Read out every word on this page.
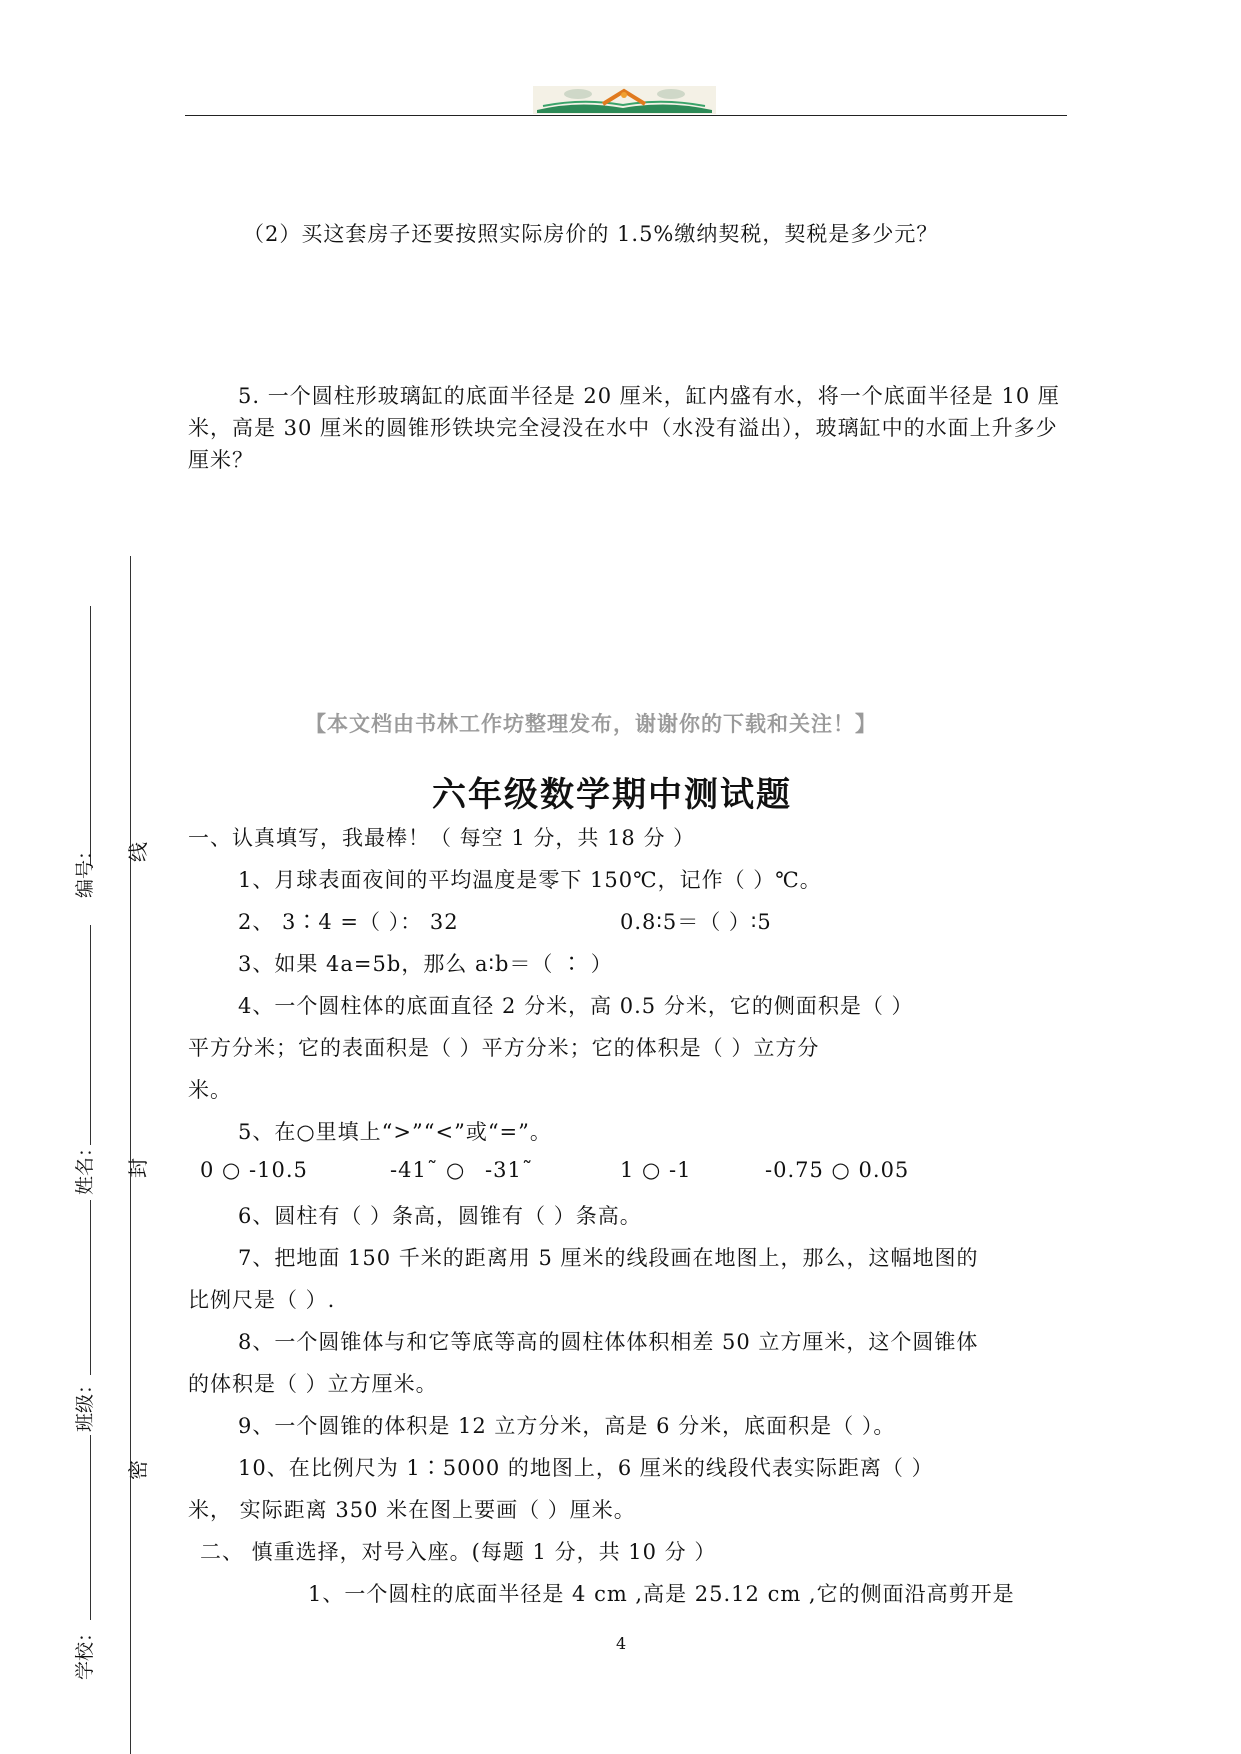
（2）买这套房子还要按照实际房价的 1.5%缴纳契税，契税是多少元？
5. 一个圆柱形玻璃缸的底面半径是 20 厘米，缸内盛有水，将一个底面半径是 10 厘米，高是 30 厘米的圆锥形铁块完全浸没在水中（水没有溢出），玻璃缸中的水面上升多少厘米？
编号：
姓名：
班级：
学校：
线
封
密
【本文档由书林工作坊整理发布，谢谢你的下载和关注！】
六年级数学期中测试题
一、认真填写，我最棒！（ 每空 1 分，共 18 分 ）
1、月球表面夜间的平均温度是零下 150℃，记作（ ）℃。
2、 3∶4 =（ ）： 32	0.8∶5＝（ ）∶5
3、如果 4a=5b，那么 a∶b＝（ ∶ ）
4、一个圆柱体的底面直径 2 分米，高 0.5 分米，它的侧面积是（ ）
平方分米；它的表面积是（ ）平方分米；它的体积是（ ）立方分
米。
5、在○里填上“>”“<”或“=”。
0 ○ -10.5	-41˜ ○ -31˜	1 ○ -1	-0.75 ○ 0.05
6、圆柱有（ ）条高，圆锥有（ ）条高。
7、把地面 150 千米的距离用 5 厘米的线段画在地图上，那么，这幅地图的
比例尺是（ ）.
8、一个圆锥体与和它等底等高的圆柱体体积相差 50 立方厘米，这个圆锥体
的体积是（ ）立方厘米。
9、一个圆锥的体积是 12 立方分米，高是 6 分米，底面积是（ ）。
10、在比例尺为 1∶5000 的地图上，6 厘米的线段代表实际距离（ ）
米， 实际距离 350 米在图上要画（ ）厘米。
二、 慎重选择，对号入座。(每题 1 分，共 10 分 ）
1、一个圆柱的底面半径是 4 cm ,高是 25.12 cm ,它的侧面沿高剪开是
4
